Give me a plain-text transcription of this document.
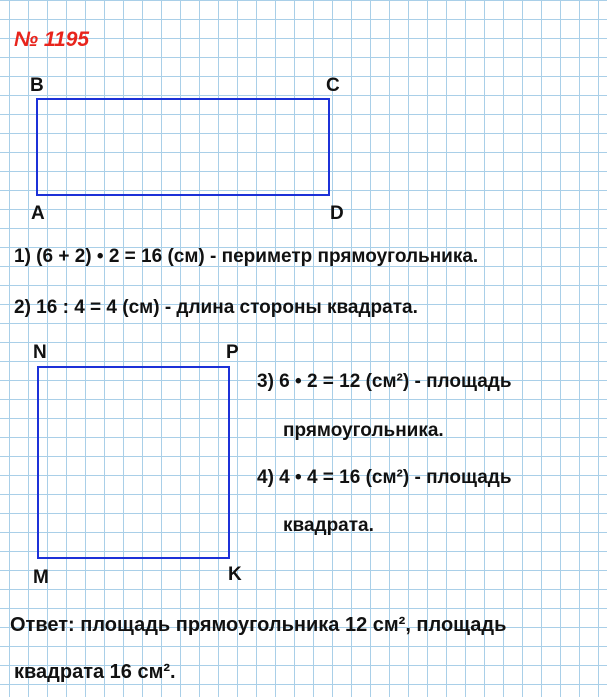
№ 1195
B	C
A	D
1) (6 + 2) • 2 = 16 (см) - периметр прямоугольника.
2) 16 : 4 = 4 (см) - длина стороны квадрата.
N	P
M	K
3) 6 • 2 = 12 (см²) - площадь
прямоугольника.
4) 4 • 4 = 16 (см²) - площадь
квадрата.
Ответ: площадь прямоугольника 12 см², площадь
квадрата 16 см².
